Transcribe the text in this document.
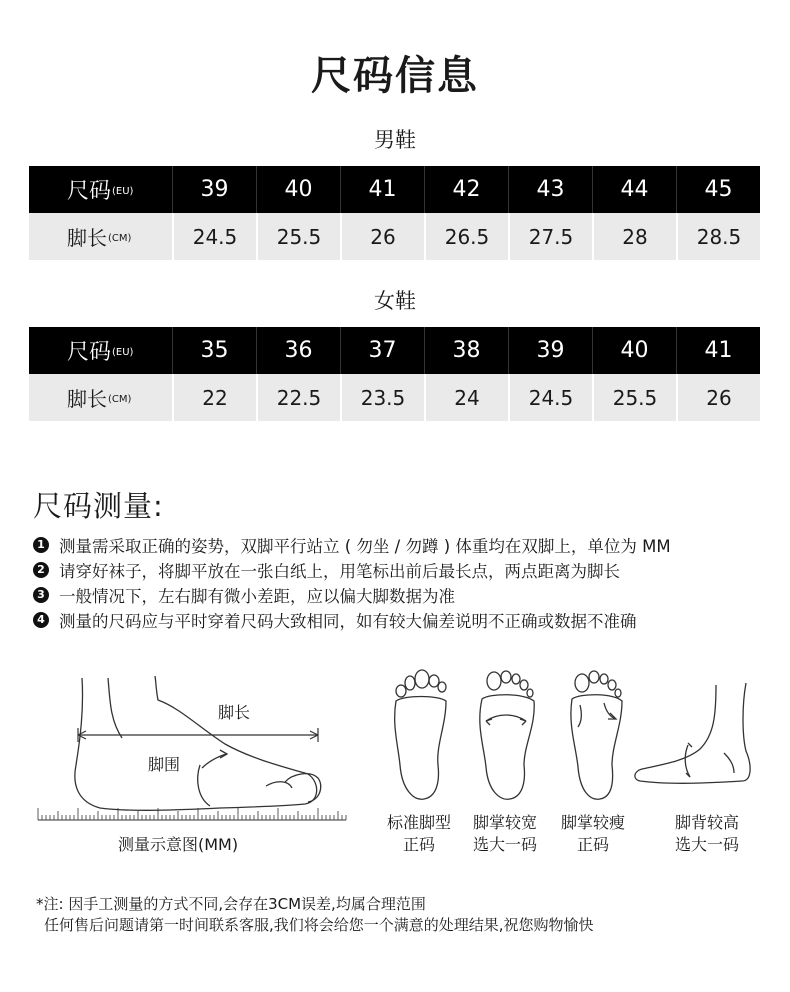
尺码信息
男鞋
尺码 (EU)	39	40	41	42	43	44	45
脚长 (CM)	24.5	25.5	26	26.5	27.5	28	28.5
女鞋
尺码 (EU)	35	36	37	38	39	40	41
脚长 (CM)	22	22.5	23.5	24	24.5	25.5	26
尺码测量:
1 测量需采取正确的姿势，双脚平行站立 ( 勿坐 / 勿蹲 ) 体重均在双脚上，单位为 MM
2 请穿好袜子，将脚平放在一张白纸上，用笔标出前后最长点，两点距离为脚长
3 一般情况下，左右脚有微小差距，应以偏大脚数据为准
4 测量的尺码应与平时穿着尺码大致相同，如有较大偏差说明不正确或数据不准确
脚长
脚围
测量示意图(MM)
标准脚型
正码
脚掌较宽
选大一码
脚掌较瘦
正码
脚背较高
选大一码
*注: 因手工测量的方式不同,会存在3CM误差,均属合理范围
任何售后问题请第一时间联系客服,我们将会给您一个满意的处理结果,祝您购物愉快
